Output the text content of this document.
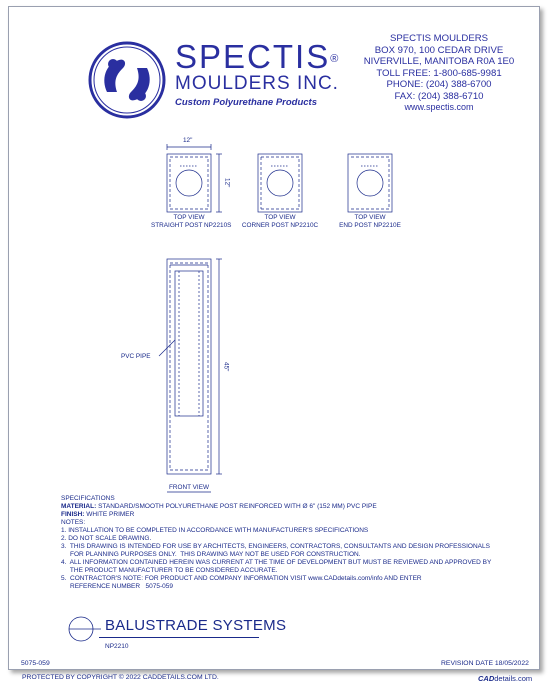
SPECTIS®
MOULDERS INC.
Custom Polyurethane Products
SPECTIS MOULDERS
BOX 970, 100 CEDAR DRIVE
NIVERVILLE, MANITOBA R0A 1E0
TOLL FREE: 1-800-685-9981
PHONE: (204) 388-6700
FAX: (204) 388-6710
www.spectis.com
12"
12"
45"
TOP VIEW
STRAIGHT POST NP2210S
TOP VIEW
CORNER POST NP2210C
TOP VIEW
END POST NP2210E
PVC PIPE
FRONT VIEW
SPECIFICATIONS
MATERIAL: STANDARD/SMOOTH POLYURETHANE POST REINFORCED WITH Ø 6" (152 MM) PVC PIPE
FINISH: WHITE PRIMER
NOTES:
1. INSTALLATION TO BE COMPLETED IN ACCORDANCE WITH MANUFACTURER'S SPECIFICATIONS
2. DO NOT SCALE DRAWING.
3.  THIS DRAWING IS INTENDED FOR USE BY ARCHITECTS, ENGINEERS, CONTRACTORS, CONSULTANTS AND DESIGN PROFESSIONALS
FOR PLANNING PURPOSES ONLY.  THIS DRAWING MAY NOT BE USED FOR CONSTRUCTION.
4.  ALL INFORMATION CONTAINED HEREIN WAS CURRENT AT THE TIME OF DEVELOPMENT BUT MUST BE REVIEWED AND APPROVED BY
THE PRODUCT MANUFACTURER TO BE CONSIDERED ACCURATE.
5.  CONTRACTOR'S NOTE: FOR PRODUCT AND COMPANY INFORMATION VISIT www.CADdetails.com/info AND ENTER
REFERENCE NUMBER   5075-059
BALUSTRADE SYSTEMS
NP2210
5075-059	REVISION DATE 18/05/2022
PROTECTED BY COPYRIGHT © 2022 CADDETAILS.COM LTD.	CADdetails.com
